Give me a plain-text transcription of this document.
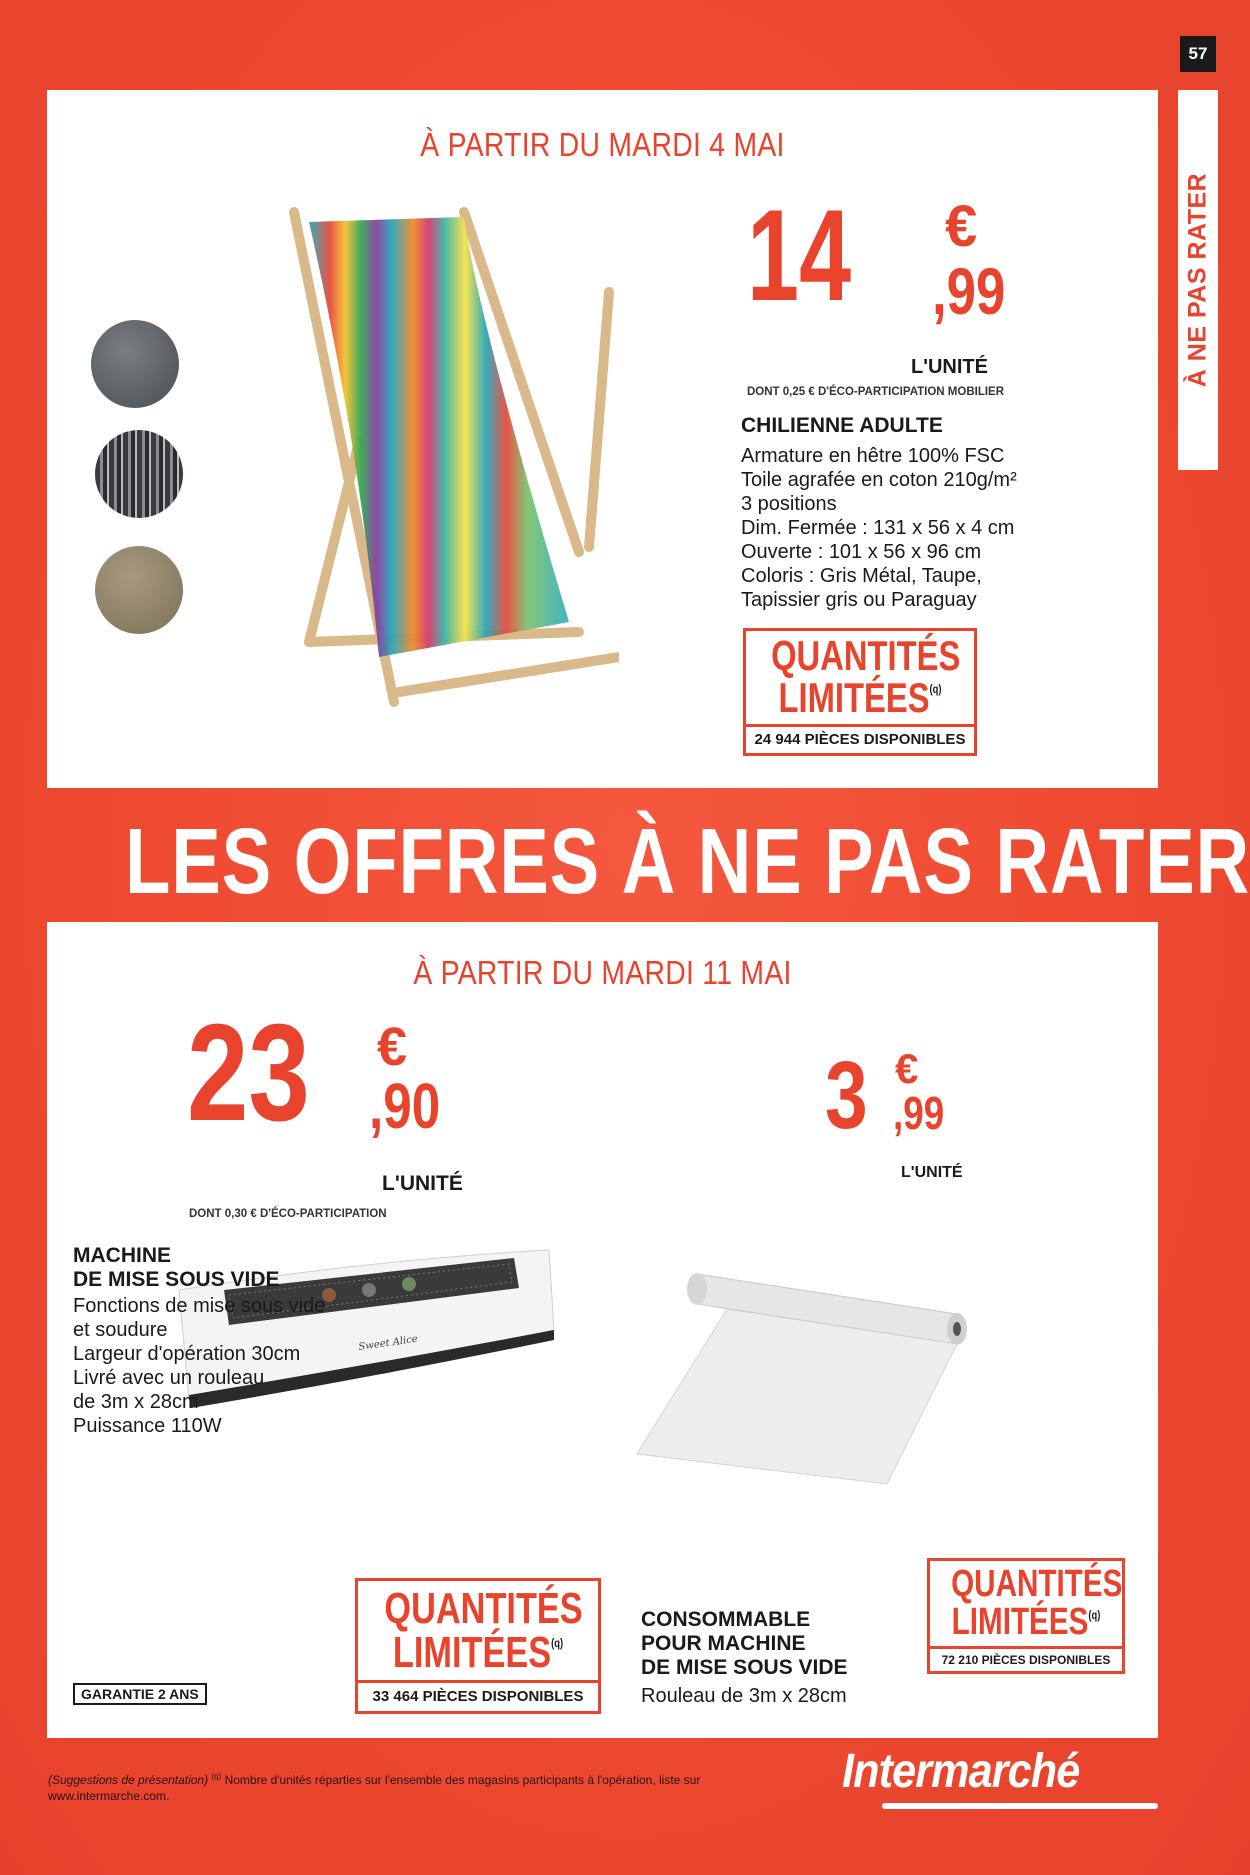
57
À NE PAS RATER
À PARTIR DU MARDI 4 MAI
14 €
,99
L'UNITÉ
DONT 0,25 € D'ÉCO-PARTICIPATION MOBILIER
CHILIENNE ADULTE
Armature en hêtre 100% FSC
Toile agrafée en coton 210g/m²
3 positions
Dim. Fermée : 131 x 56 x 4 cm
Ouverte : 101 x 56 x 96 cm
Coloris : Gris Métal, Taupe,
Tapissier gris ou Paraguay
QUANTITÉS
LIMITÉES$^{(q)}$
24 944 PIÈCES DISPONIBLES
LES OFFRES À NE PAS RATER
À PARTIR DU MARDI 11 MAI
23 €
,90
L'UNITÉ
DONT 0,30 € D'ÉCO-PARTICIPATION
Sweet Alice
MACHINE
DE MISE SOUS VIDE
Fonctions de mise sous vide
et soudure
Largeur d'opération 30cm
Livré avec un rouleau
de 3m x 28cm
Puissance 110W
GARANTIE 2 ANS
QUANTITÉS
LIMITÉES$^{(q)}$
33 464 PIÈCES DISPONIBLES
3 €
,99
L'UNITÉ
CONSOMMABLE
POUR MACHINE
DE MISE SOUS VIDE
Rouleau de 3m x 28cm
QUANTITÉS
LIMITÉES$^{(q)}$
72 210 PIÈCES DISPONIBLES
(Suggestions de présentation) $^{(q)}$ Nombre d'unités réparties sur l'ensemble des magasins participants à l'opération, liste sur
www.intermarche.com.	Intermarché
